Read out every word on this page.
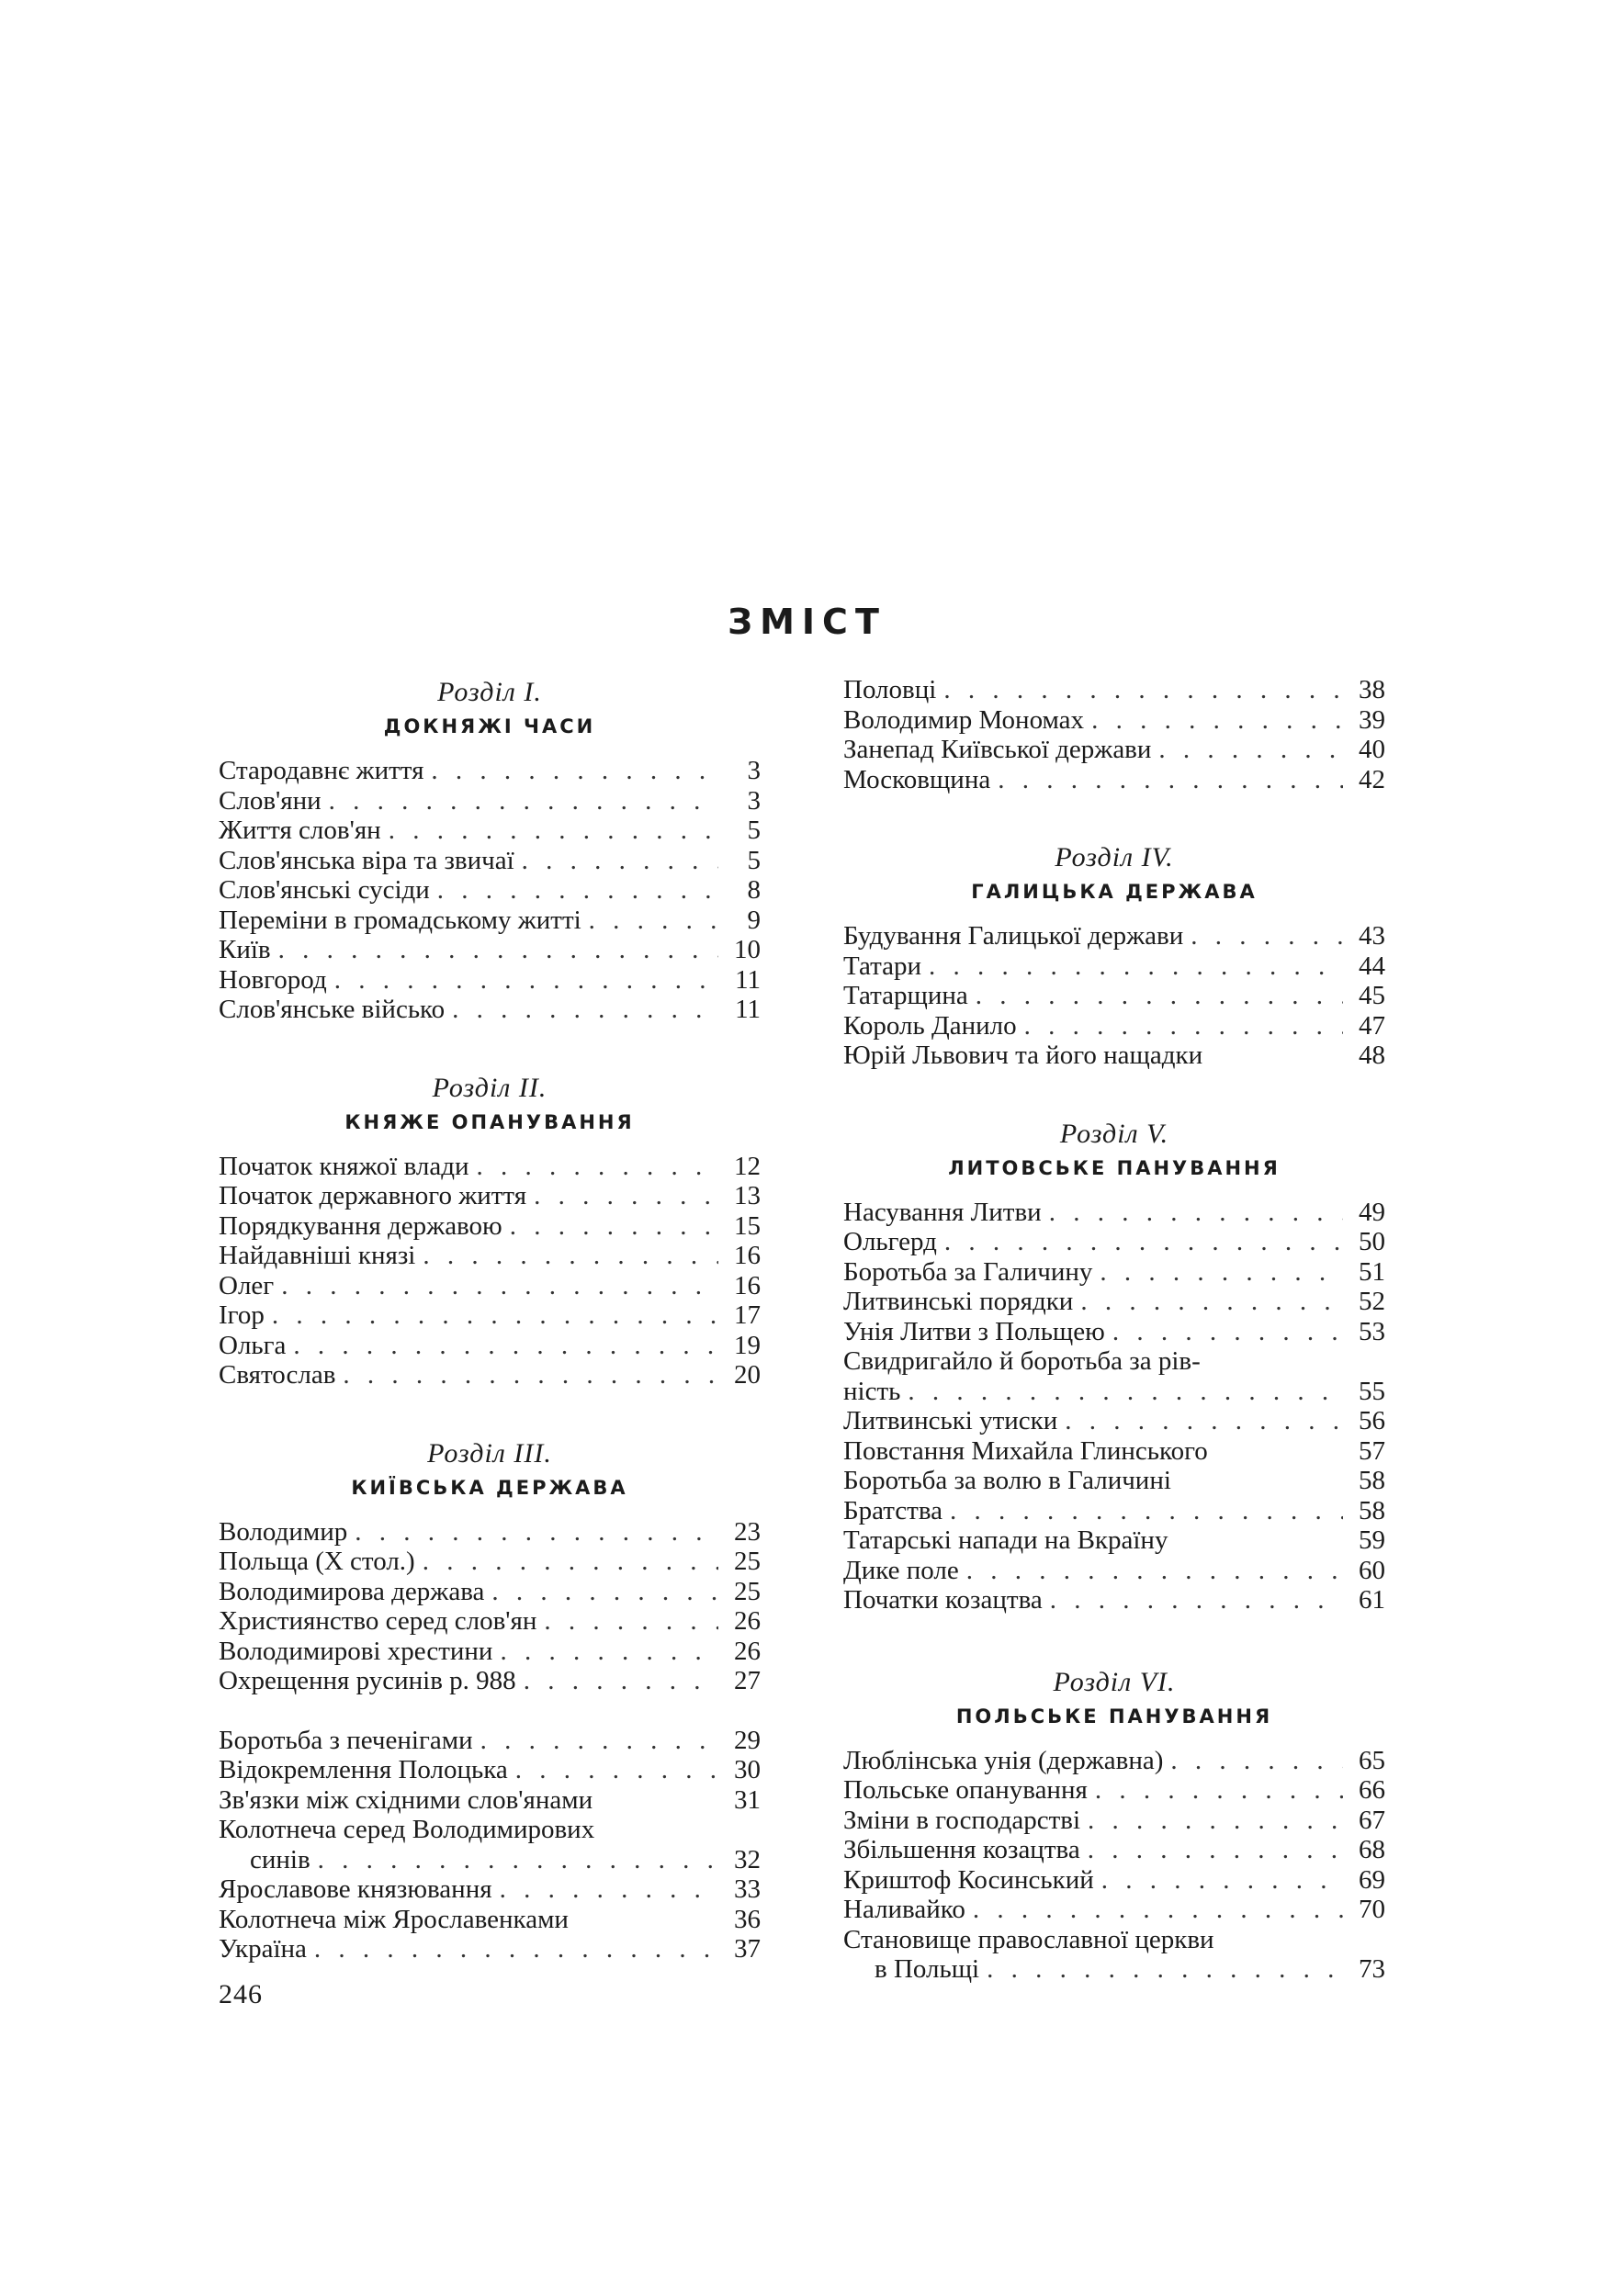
ЗМІСТ
Розділ I.
ДОКНЯЖІ ЧАСИ
Стародавнє життя . . .	3
Слов'яни . . .	3
Життя слов'ян . . .	5
Слов'янська віра та звичаї . . .	5
Слов'янські сусіди . . .	8
Переміни в громадському житті . . .	9
Київ . . .	10
Новгород . . .	11
Слов'янське військо . . .	11
Розділ II.
КНЯЖЕ ОПАНУВАННЯ
Початок княжої влади . . .	12
Початок державного життя . . .	13
Порядкування державою . . .	15
Найдавніші князі . . .	16
Олег . . .	16
Ігор . . .	17
Ольга . . .	19
Святослав . . .	20
Розділ III.
КИЇВСЬКА ДЕРЖАВА
Володимир . . .	23
Польща (X стол.) . . .	25
Володимирова держава . . .	25
Християнство серед слов'ян . . .	26
Володимирові хрестини . . .	26
Охрещення русинів р. 988 . . .	27
Боротьба з печенігами . . .	29
Відокремлення Полоцька . . .	30
Зв'язки між східними слов'янами	31
Колотнеча серед Володимирових
синів . . .	32
Ярославове князювання . . .	33
Колотнеча між Ярославенками	36
Україна . . .	37
Половці . . .	38
Володимир Мономах . . .	39
Занепад Київської держави . . .	40
Московщина . . .	42
Розділ IV.
ГАЛИЦЬКА ДЕРЖАВА
Будування Галицької держави . . .	43
Татари . . .	44
Татарщина . . .	45
Король Данило . . .	47
Юрій Львович та його нащадки	48
Розділ V.
ЛИТОВСЬКЕ ПАНУВАННЯ
Насування Литви . . .	49
Ольгерд . . .	50
Боротьба за Галичину . . .	51
Литвинські порядки . . .	52
Унія Литви з Польщею . . .	53
Свидригайло й боротьба за рів-
ність . . .	55
Литвинські утиски . . .	56
Повстання Михайла Глинського	57
Боротьба за волю в Галичині	58
Братства . . .	58
Татарські напади на Вкраїну	59
Дике поле . . .	60
Початки козацтва . . .	61
Розділ VI.
ПОЛЬСЬКЕ ПАНУВАННЯ
Люблінська унія (державна) . . .	65
Польське опанування . . .	66
Зміни в господарстві . . .	67
Збільшення козацтва . . .	68
Криштоф Косинський . . .	69
Наливайко . . .	70
Становище православної церкви
в Польщі . . .	73
246
